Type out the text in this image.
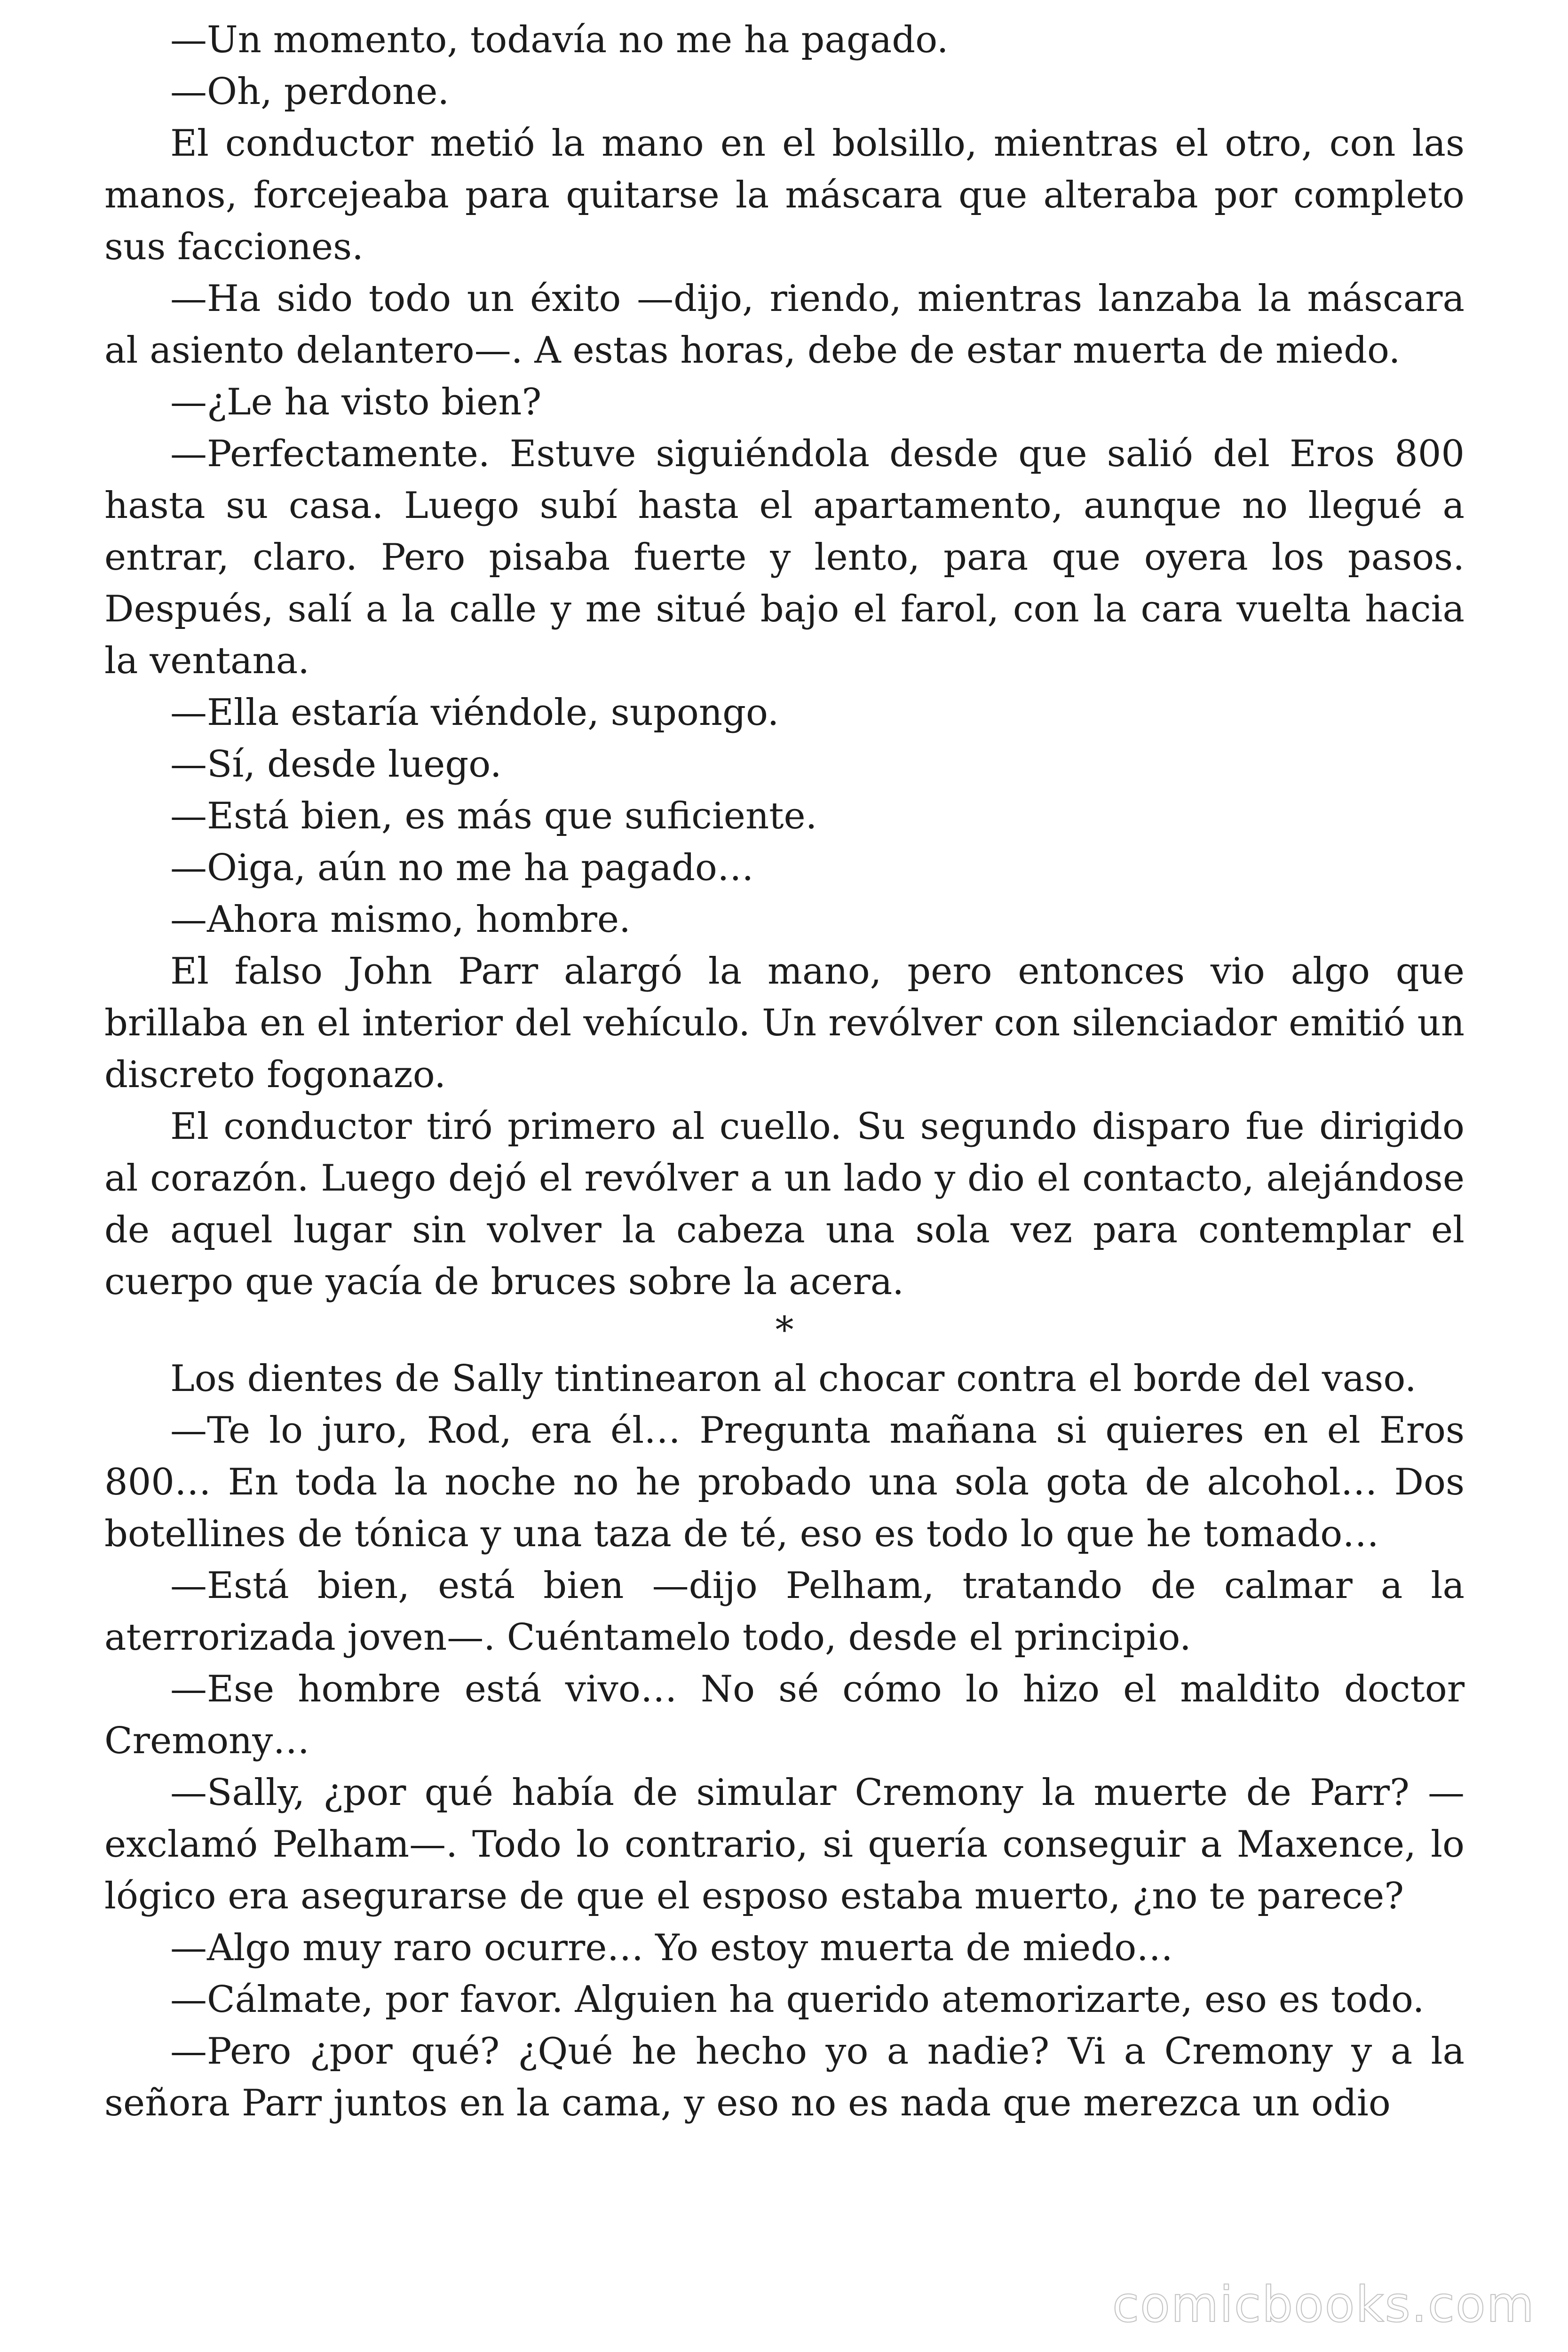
—Un momento, todavía no me ha pagado.

—Oh, perdone.

El conductor metió la mano en el bolsillo, mientras el otro, con las manos, forcejeaba para quitarse la máscara que alteraba por completo sus facciones.

—Ha sido todo un éxito —dijo, riendo, mientras lanzaba la máscara al asiento delantero—. A estas horas, debe de estar muerta de miedo.

—¿Le ha visto bien?

—Perfectamente. Estuve siguiéndola desde que salió del Eros 800 hasta su casa. Luego subí hasta el apartamento, aunque no llegué a entrar, claro. Pero pisaba fuerte y lento, para que oyera los pasos. Después, salí a la calle y me situé bajo el farol, con la cara vuelta hacia la ventana.

—Ella estaría viéndole, supongo.

—Sí, desde luego.

—Está bien, es más que suficiente.

—Oiga, aún no me ha pagado…

—Ahora mismo, hombre.

El falso John Parr alargó la mano, pero entonces vio algo que brillaba en el interior del vehículo. Un revólver con silenciador emitió un discreto fogonazo.

El conductor tiró primero al cuello. Su segundo disparo fue dirigido al corazón. Luego dejó el revólver a un lado y dio el contacto, alejándose de aquel lugar sin volver la cabeza una sola vez para contemplar el cuerpo que yacía de bruces sobre la acera.

*

Los dientes de Sally tintinearon al chocar contra el borde del vaso.

—Te lo juro, Rod, era él… Pregunta mañana si quieres en el Eros 800… En toda la noche no he probado una sola gota de alcohol… Dos botellines de tónica y una taza de té, eso es todo lo que he tomado…

—Está bien, está bien —dijo Pelham, tratando de calmar a la aterrorizada joven—. Cuéntamelo todo, desde el principio.

—Ese hombre está vivo… No sé cómo lo hizo el maldito doctor Cremony…

—Sally, ¿por qué había de simular Cremony la muerte de Parr? —exclamó Pelham—. Todo lo contrario, si quería conseguir a Maxence, lo lógico era asegurarse de que el esposo estaba muerto, ¿no te parece?

—Algo muy raro ocurre… Yo estoy muerta de miedo…

—Cálmate, por favor. Alguien ha querido atemorizarte, eso es todo.

—Pero ¿por qué? ¿Qué he hecho yo a nadie? Vi a Cremony y a la señora Parr juntos en la cama, y eso no es nada que merezca un odio

comicbooks.com
